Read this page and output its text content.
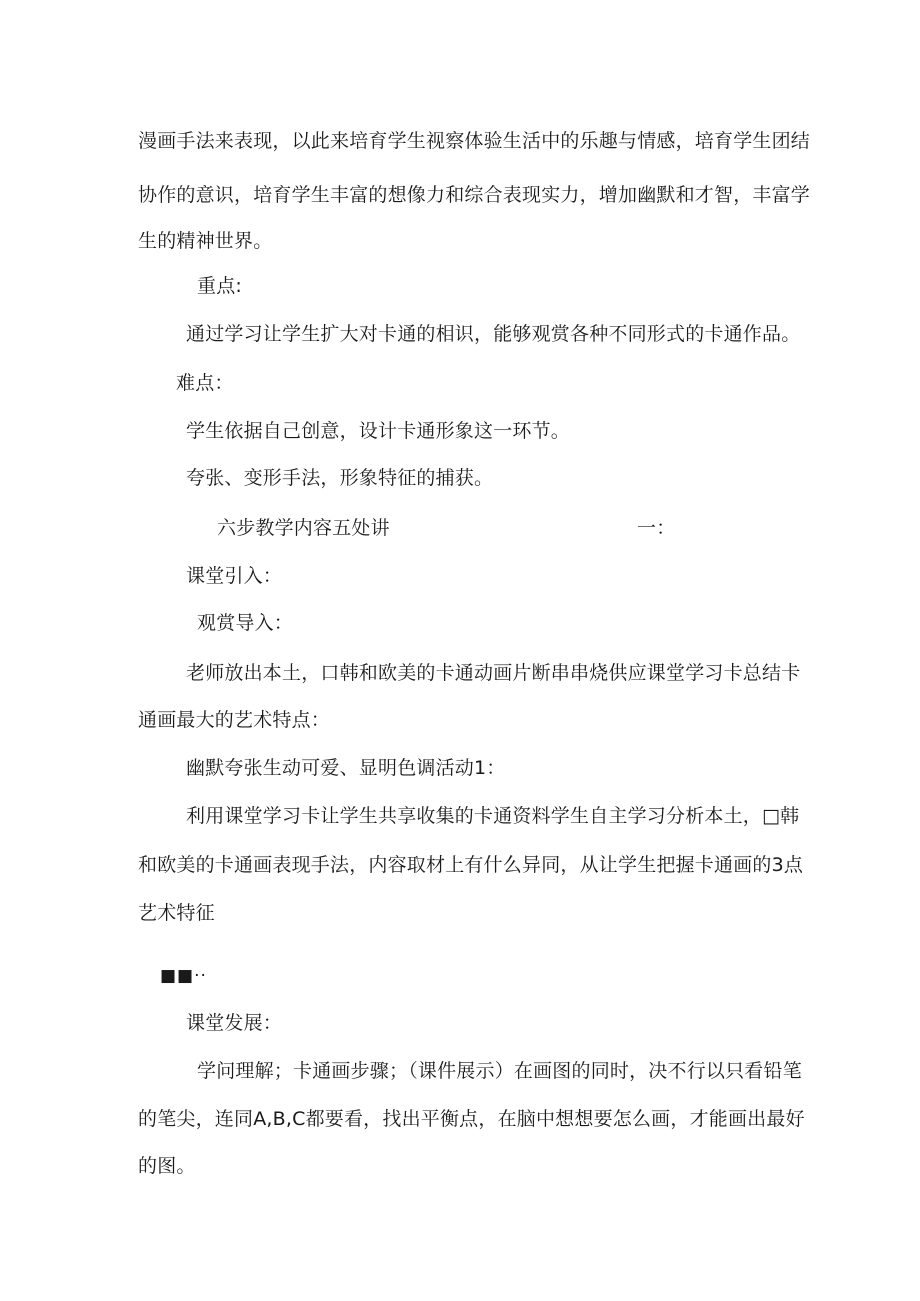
漫画手法来表现，以此来培育学生视察体验生活中的乐趣与情感，培育学生团结
协作的意识，培育学生丰富的想像力和综合表现实力，增加幽默和才智，丰富学
生的精神世界。
重点:
通过学习让学生扩大对卡通的相识，能够观赏各种不同形式的卡通作品。
难点：
学生依据自己创意，设计卡通形象这一环节。
夸张、变形手法，形象特征的捕获。
六步教学内容五处讲	一：
课堂引入：
观赏导入：
老师放出本土，口韩和欧美的卡通动画片断串串烧供应课堂学习卡总结卡
通画最大的艺术特点：
幽默夸张生动可爱、显明色调活动1：
利用课堂学习卡让学生共享收集的卡通资料学生自主学习分析本土，□韩
和欧美的卡通画表现手法，内容取材上有什么异同，从让学生把握卡通画的3点
艺术特征
■■··
课堂发展：
学问理解；卡通画步骤；（课件展示）在画图的同时，决不行以只看铅笔
的笔尖，连同A,B,C都要看，找出平衡点，在脑中想想要怎么画，才能画出最好
的图。
